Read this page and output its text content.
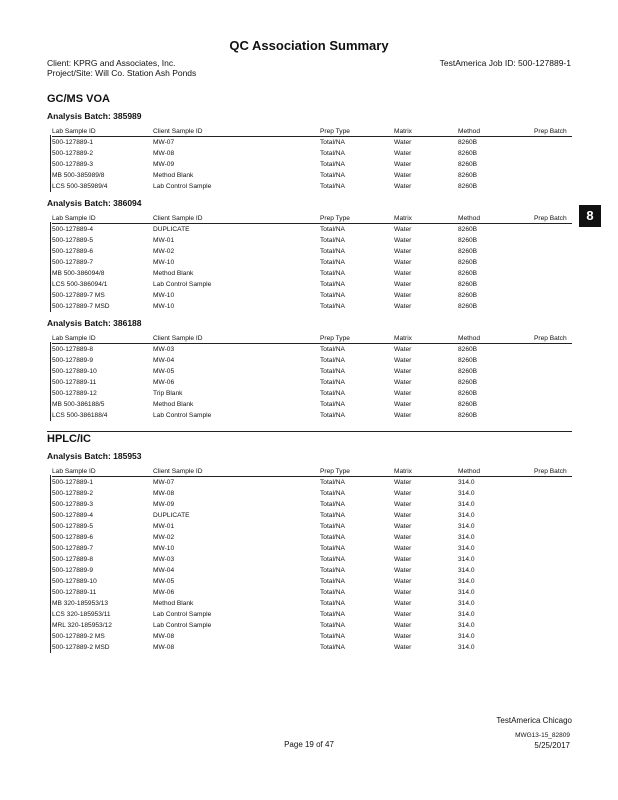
QC Association Summary
Client: KPRG and Associates, Inc.
Project/Site: Will Co. Station Ash Ponds
TestAmerica Job ID: 500-127889-1
GC/MS VOA
Analysis Batch: 385989
Lab Sample ID	Client Sample ID	Prep Type	Matrix	Method	Prep Batch
500-127889-1	MW-07	Total/NA	Water	8260B
500-127889-2	MW-08	Total/NA	Water	8260B
500-127889-3	MW-09	Total/NA	Water	8260B
MB 500-385989/8	Method Blank	Total/NA	Water	8260B
LCS 500-385989/4	Lab Control Sample	Total/NA	Water	8260B
Analysis Batch: 386094
Lab Sample ID	Client Sample ID	Prep Type	Matrix	Method	Prep Batch
500-127889-4	DUPLICATE	Total/NA	Water	8260B
500-127889-5	MW-01	Total/NA	Water	8260B
500-127889-6	MW-02	Total/NA	Water	8260B
500-127889-7	MW-10	Total/NA	Water	8260B
MB 500-386094/8	Method Blank	Total/NA	Water	8260B
LCS 500-386094/1	Lab Control Sample	Total/NA	Water	8260B
500-127889-7 MS	MW-10	Total/NA	Water	8260B
500-127889-7 MSD	MW-10	Total/NA	Water	8260B
Analysis Batch: 386188
Lab Sample ID	Client Sample ID	Prep Type	Matrix	Method	Prep Batch
500-127889-8	MW-03	Total/NA	Water	8260B
500-127889-9	MW-04	Total/NA	Water	8260B
500-127889-10	MW-05	Total/NA	Water	8260B
500-127889-11	MW-06	Total/NA	Water	8260B
500-127889-12	Trip Blank	Total/NA	Water	8260B
MB 500-386188/5	Method Blank	Total/NA	Water	8260B
LCS 500-386188/4	Lab Control Sample	Total/NA	Water	8260B
HPLC/IC
Analysis Batch: 185953
Lab Sample ID	Client Sample ID	Prep Type	Matrix	Method	Prep Batch
500-127889-1	MW-07	Total/NA	Water	314.0
500-127889-2	MW-08	Total/NA	Water	314.0
500-127889-3	MW-09	Total/NA	Water	314.0
500-127889-4	DUPLICATE	Total/NA	Water	314.0
500-127889-5	MW-01	Total/NA	Water	314.0
500-127889-6	MW-02	Total/NA	Water	314.0
500-127889-7	MW-10	Total/NA	Water	314.0
500-127889-8	MW-03	Total/NA	Water	314.0
500-127889-9	MW-04	Total/NA	Water	314.0
500-127889-10	MW-05	Total/NA	Water	314.0
500-127889-11	MW-06	Total/NA	Water	314.0
MB 320-185953/13	Method Blank	Total/NA	Water	314.0
LCS 320-185953/11	Lab Control Sample	Total/NA	Water	314.0
MRL 320-185953/12	Lab Control Sample	Total/NA	Water	314.0
500-127889-2 MS	MW-08	Total/NA	Water	314.0
500-127889-2 MSD	MW-08	Total/NA	Water	314.0
8
TestAmerica Chicago
Page 19 of 47
MWG13-15_82809
5/25/2017
